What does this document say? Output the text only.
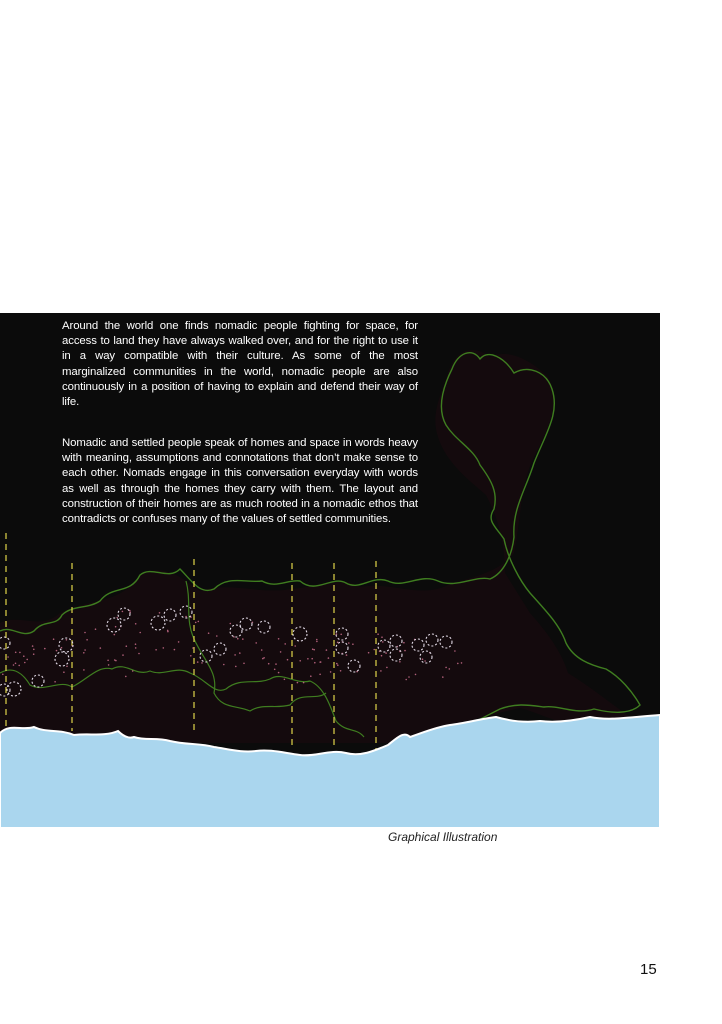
Around the world one finds nomadic people fighting for space, for access to land they have always walked over, and for the right to use it in a way compatible with their culture. As some of the most marginalized communities in the world, nomadic people are also continuously in a position of having to explain and defend their way of life.

Nomadic and settled people speak of homes and space in words heavy with meaning, assumptions and connotations that don’t make sense to each other. Nomads engage in this conversation everyday with words as well as through the homes they carry with them. The layout and construction of their homes are as much rooted in a nomadic ethos that contradicts or confuses many of the values of settled communities.

Graphical Illustration
15
